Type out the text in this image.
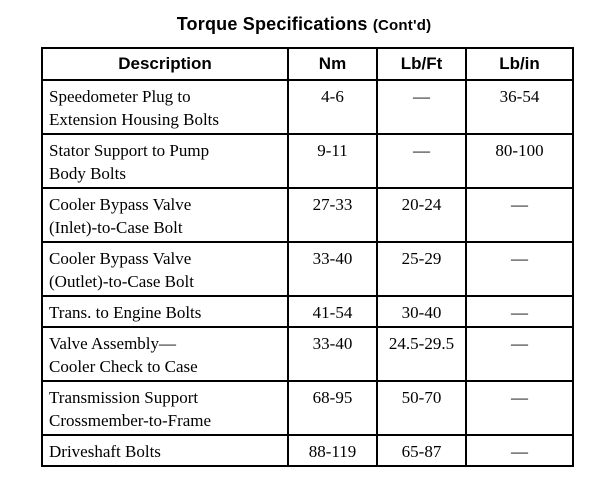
Torque Specifications (Cont'd)
Description	Nm	Lb/Ft	Lb/in

Speedometer Plug to
Extension Housing Bolts	4-6	—	36-54

Stator Support to Pump
Body Bolts	9-11	—	80-100

Cooler Bypass Valve
(Inlet)-to-Case Bolt	27-33	20-24	—

Cooler Bypass Valve
(Outlet)-to-Case Bolt	33-40	25-29	—

Trans. to Engine Bolts	41-54	30-40	—

Valve Assembly—
Cooler Check to Case	33-40	24.5-29.5	—

Transmission Support
Crossmember-to-Frame	68-95	50-70	—

Driveshaft Bolts	88-119	65-87	—
